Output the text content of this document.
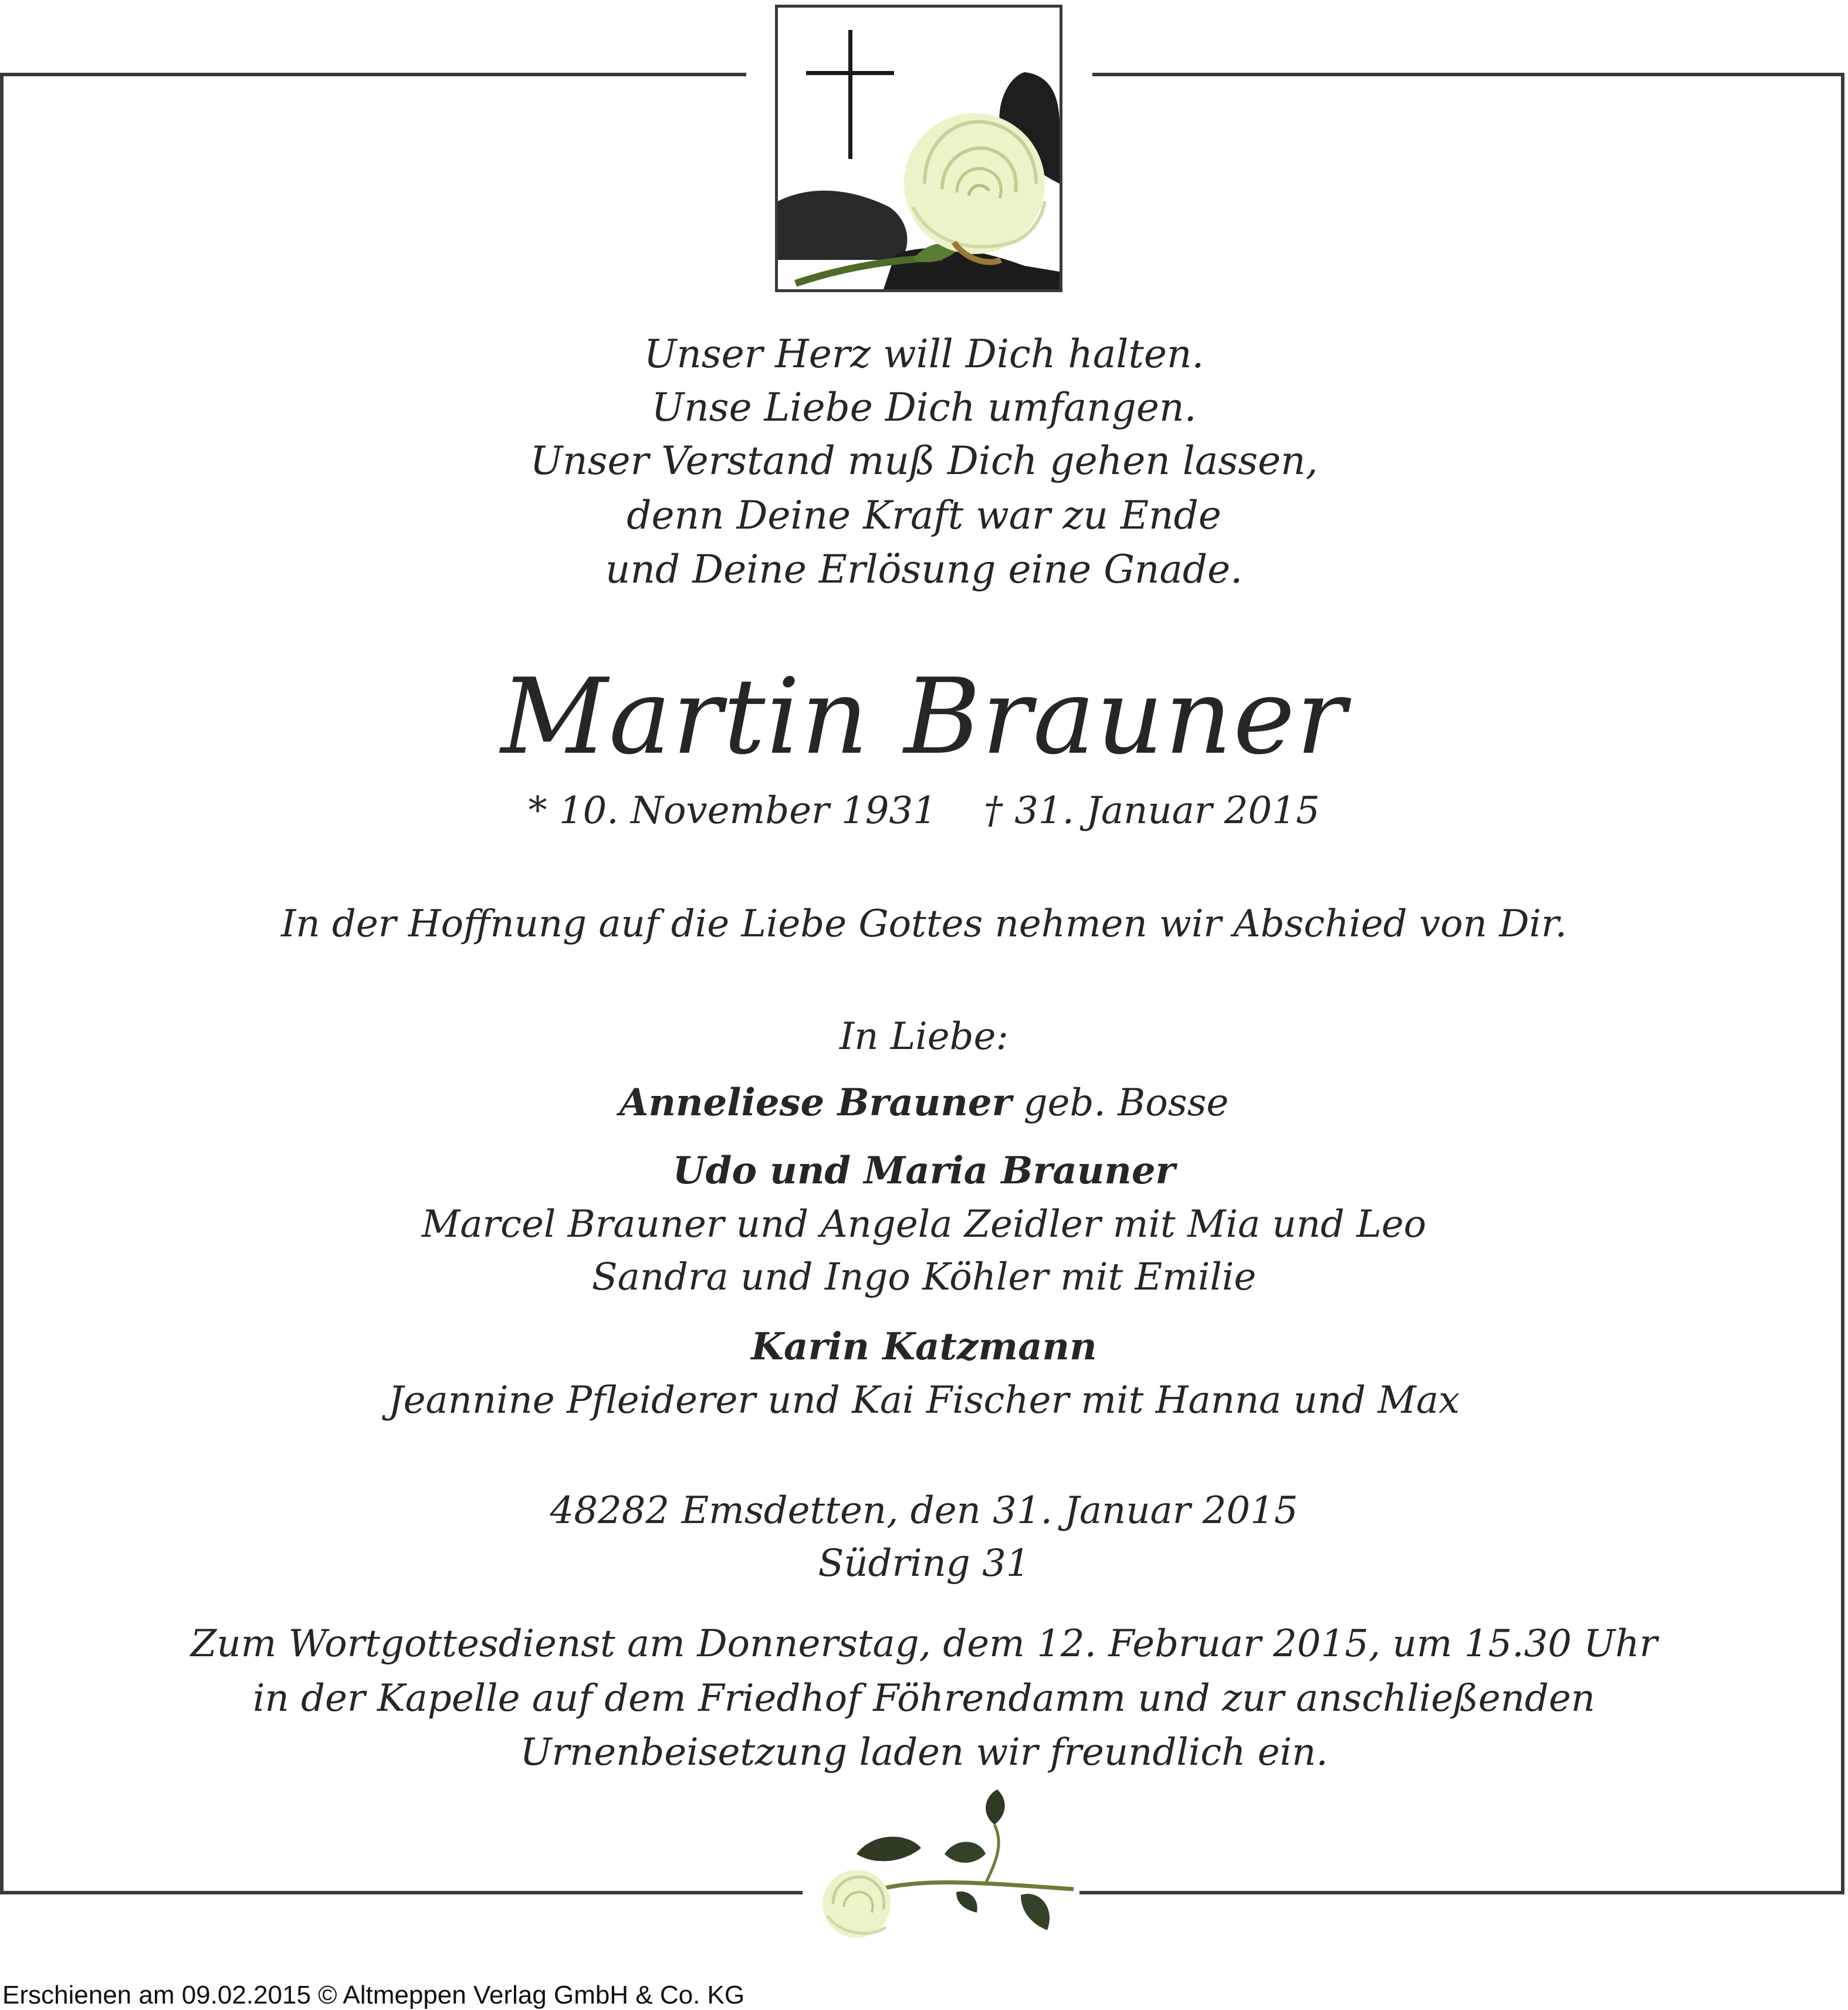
Unser Herz will Dich halten.
Unse Liebe Dich umfangen.
Unser Verstand muß Dich gehen lassen,
denn Deine Kraft war zu Ende
und Deine Erlösung eine Gnade.
Martin Brauner
* 10. November 1931 † 31. Januar 2015
In der Hoffnung auf die Liebe Gottes nehmen wir Abschied von Dir.
In Liebe:
Anneliese Brauner geb. Bosse
Udo und Maria Brauner
Marcel Brauner und Angela Zeidler mit Mia und Leo
Sandra und Ingo Köhler mit Emilie
Karin Katzmann
Jeannine Pfleiderer und Kai Fischer mit Hanna und Max
48282 Emsdetten, den 31. Januar 2015
Südring 31
Zum Wortgottesdienst am Donnerstag, dem 12. Februar 2015, um 15.30 Uhr
in der Kapelle auf dem Friedhof Föhrendamm und zur anschließenden
Urnenbeisetzung laden wir freundlich ein.
Erschienen am 09.02.2015 © Altmeppen Verlag GmbH & Co. KG
